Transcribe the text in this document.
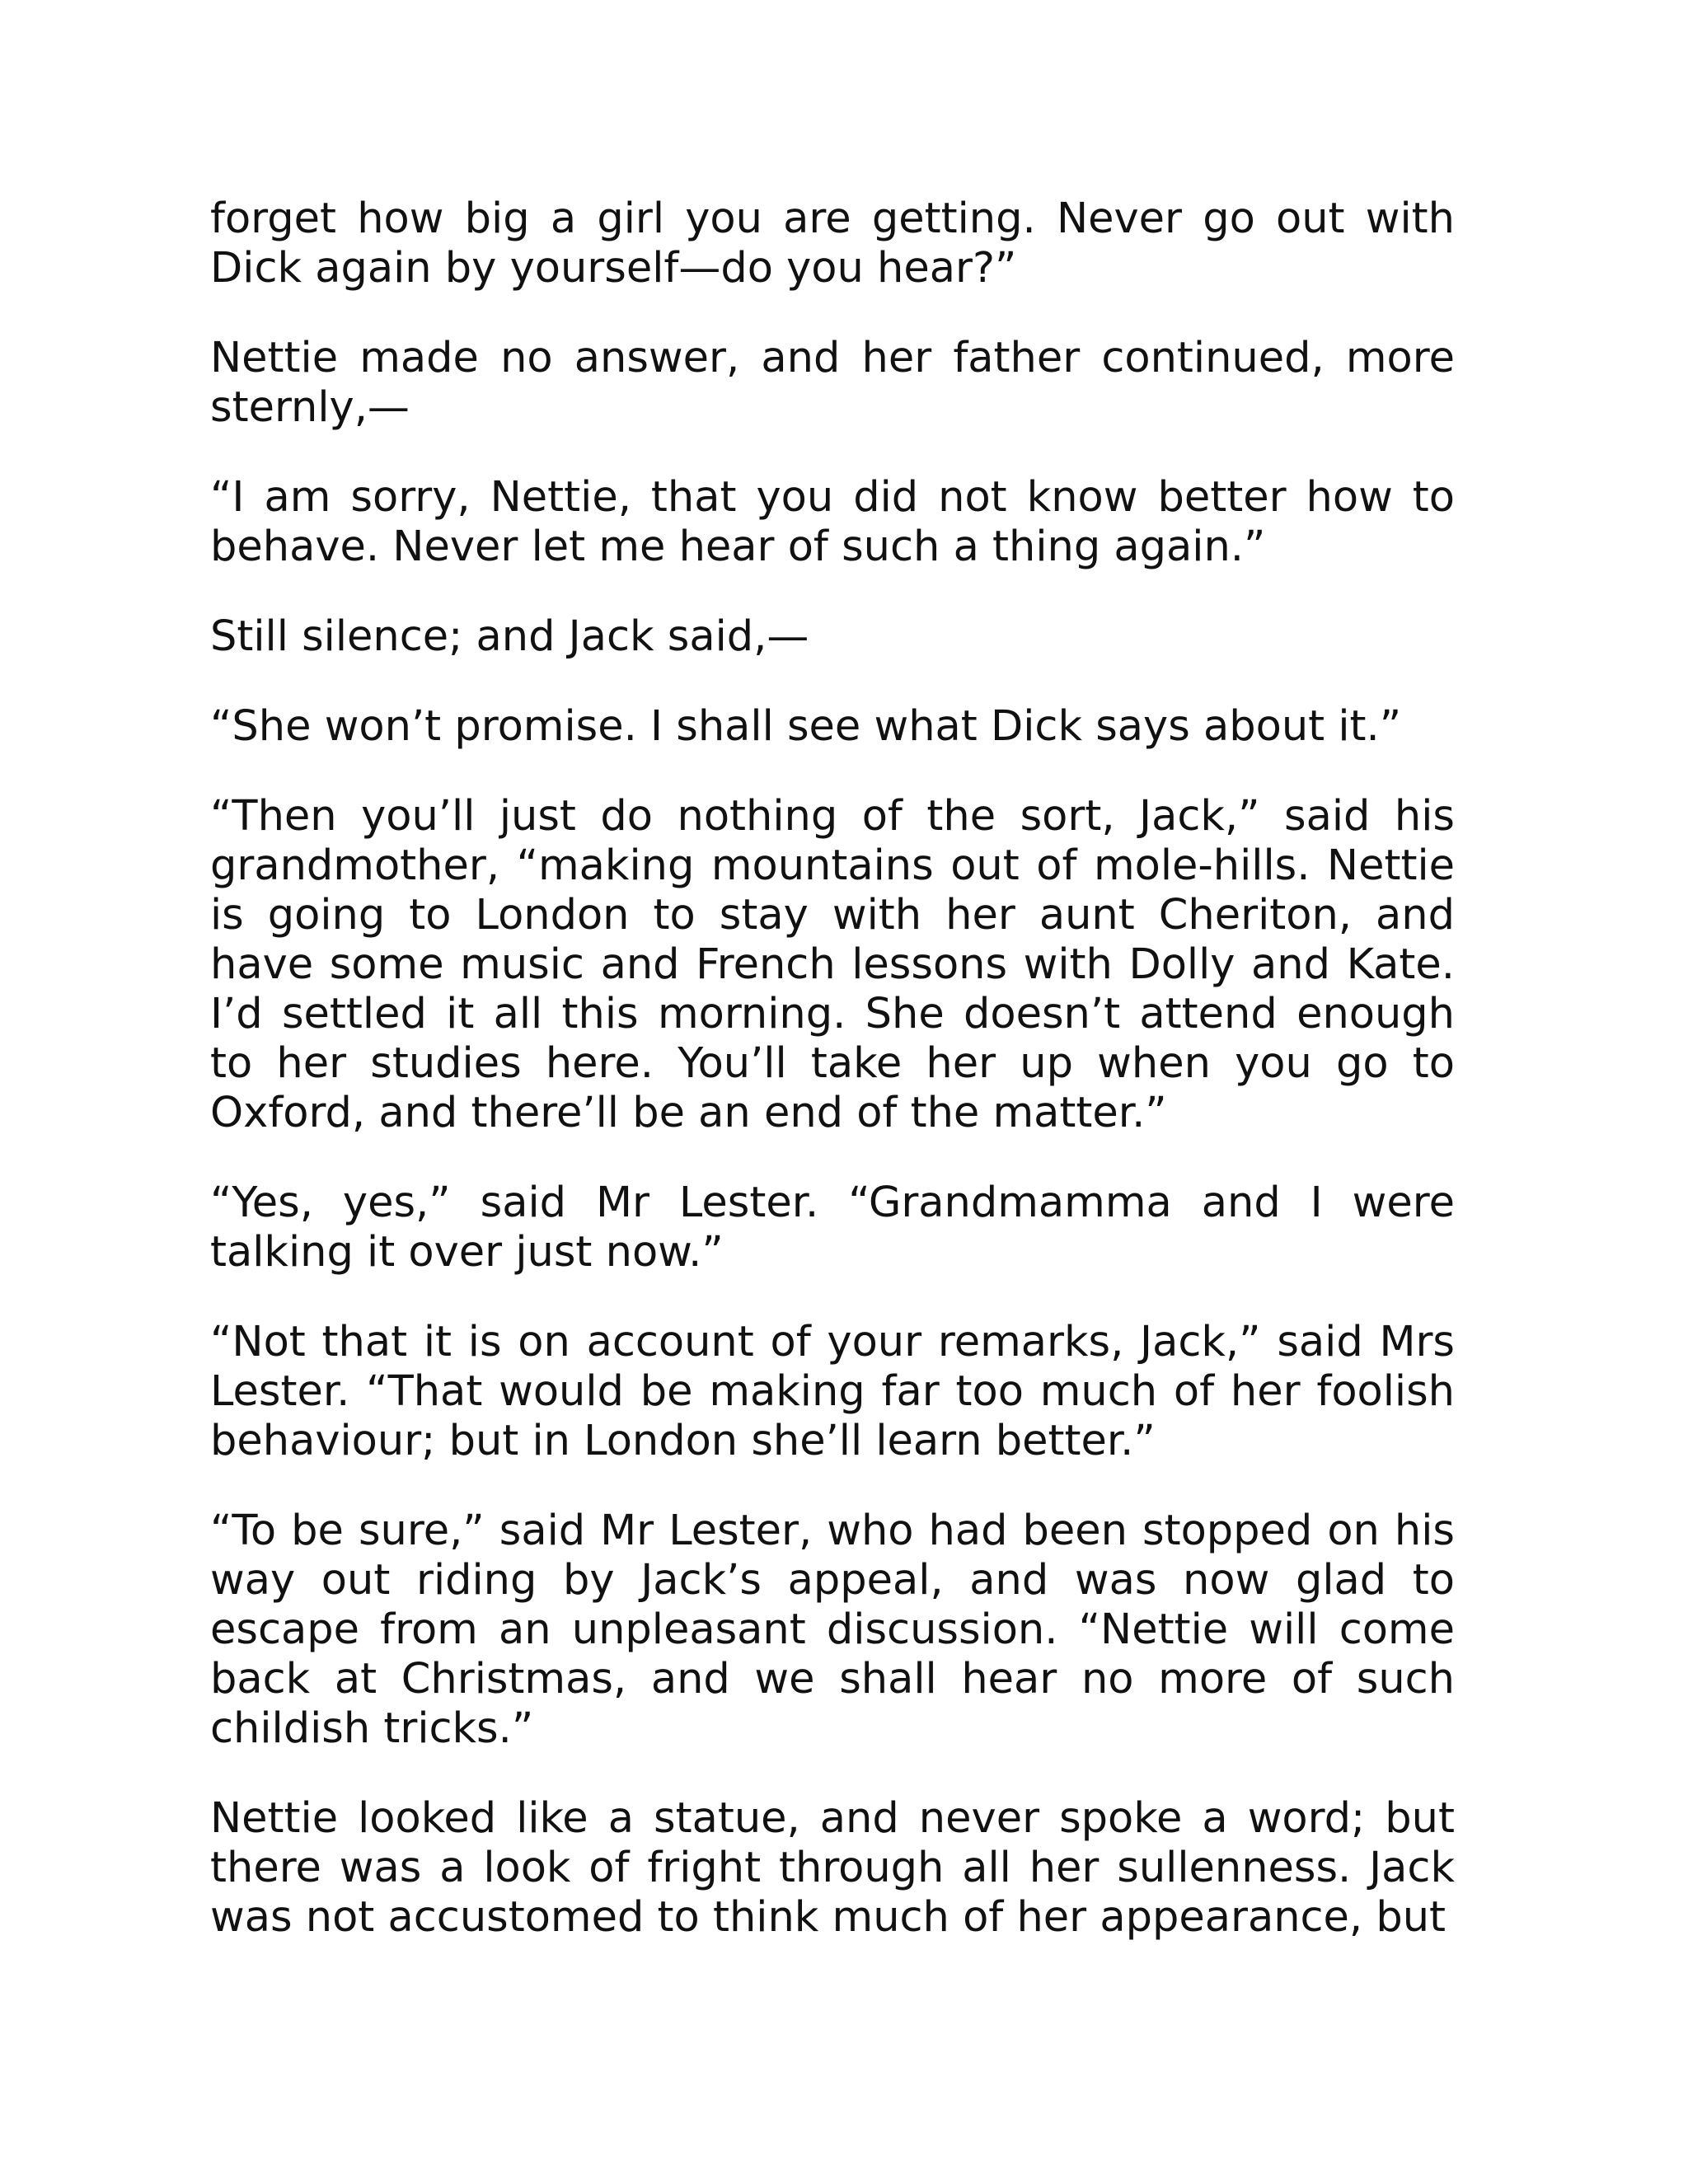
forget how big a girl you are getting. Never go out with Dick again by yourself—do you hear?”

Nettie made no answer, and her father continued, more sternly,—

“I am sorry, Nettie, that you did not know better how to behave. Never let me hear of such a thing again.”

Still silence; and Jack said,—

“She won’t promise. I shall see what Dick says about it.”

“Then you’ll just do nothing of the sort, Jack,” said his grandmother, “making mountains out of mole-hills. Nettie is going to London to stay with her aunt Cheriton, and have some music and French lessons with Dolly and Kate. I’d settled it all this morning. She doesn’t attend enough to her studies here. You’ll take her up when you go to Oxford, and there’ll be an end of the matter.”

“Yes, yes,” said Mr Lester. “Grandmamma and I were talking it over just now.”

“Not that it is on account of your remarks, Jack,” said Mrs Lester. “That would be making far too much of her foolish behaviour; but in London she’ll learn better.”

“To be sure,” said Mr Lester, who had been stopped on his way out riding by Jack’s appeal, and was now glad to escape from an unpleasant discussion. “Nettie will come back at Christmas, and we shall hear no more of such childish tricks.”

Nettie looked like a statue, and never spoke a word; but there was a look of fright through all her sullenness. Jack was not accustomed to think much of her appearance, but
